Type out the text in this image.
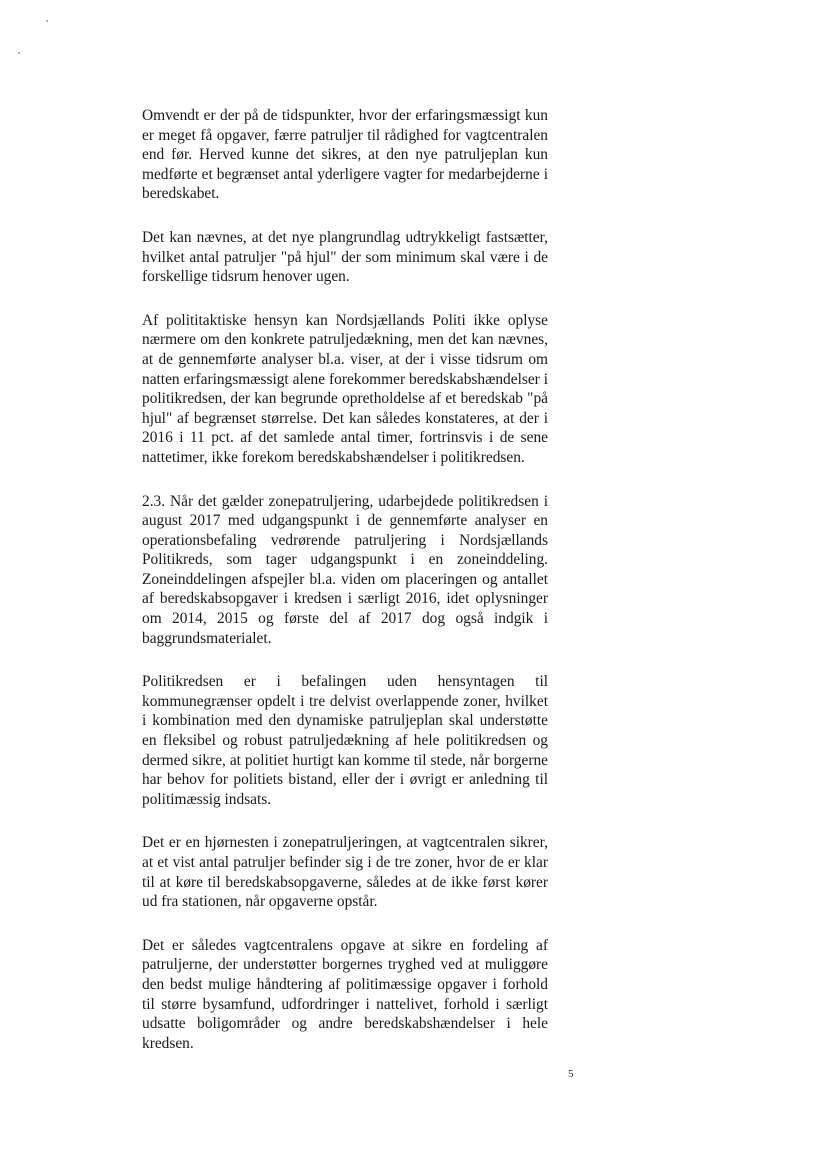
Omvendt er der på de tidspunkter, hvor der erfaringsmæssigt kun er meget få opgaver, færre patruljer til rådighed for vagtcentralen end før. Herved kunne det sikres, at den nye patruljeplan kun medførte et begrænset antal yderligere vagter for medarbejderne i beredskabet.

Det kan nævnes, at det nye plangrundlag udtrykkeligt fastsætter, hvilket antal patruljer "på hjul" der som minimum skal være i de forskellige tidsrum henover ugen.

Af polititaktiske hensyn kan Nordsjællands Politi ikke oplyse nærmere om den konkrete patruljedækning, men det kan nævnes, at de gennemførte analyser bl.a. viser, at der i visse tidsrum om natten erfaringsmæssigt alene forekommer beredskabshændelser i politikredsen, der kan begrunde opretholdelse af et beredskab "på hjul" af begrænset størrelse. Det kan således konstateres, at der i 2016 i 11 pct. af det samlede antal timer, fortrinsvis i de sene nattetimer, ikke forekom beredskabshændelser i politikredsen.

2.3. Når det gælder zonepatruljering, udarbejdede politikredsen i august 2017 med udgangspunkt i de gennemførte analyser en operationsbefaling vedrørende patruljering i Nordsjællands Politikreds, som tager udgangspunkt i en zoneinddeling. Zoneinddelingen afspejler bl.a. viden om placeringen og antallet af beredskabsopgaver i kredsen i særligt 2016, idet oplysninger om 2014, 2015 og første del af 2017 dog også indgik i baggrundsmaterialet.

Politikredsen er i befalingen uden hensyntagen til kommunegrænser opdelt i tre delvist overlappende zoner, hvilket i kombination med den dynamiske patruljeplan skal understøtte en fleksibel og robust patruljedækning af hele politikredsen og dermed sikre, at politiet hurtigt kan komme til stede, når borgerne har behov for politiets bistand, eller der i øvrigt er anledning til politimæssig indsats.

Det er en hjørnesten i zonepatruljeringen, at vagtcentralen sikrer, at et vist antal patruljer befinder sig i de tre zoner, hvor de er klar til at køre til beredskabsopgaverne, således at de ikke først kører ud fra stationen, når opgaverne opstår.

Det er således vagtcentralens opgave at sikre en fordeling af patruljerne, der understøtter borgernes tryghed ved at muliggøre den bedst mulige håndtering af politimæssige opgaver i forhold til større bysamfund, udfordringer i nattelivet, forhold i særligt udsatte boligområder og andre beredskabshændelser i hele kredsen.

5
